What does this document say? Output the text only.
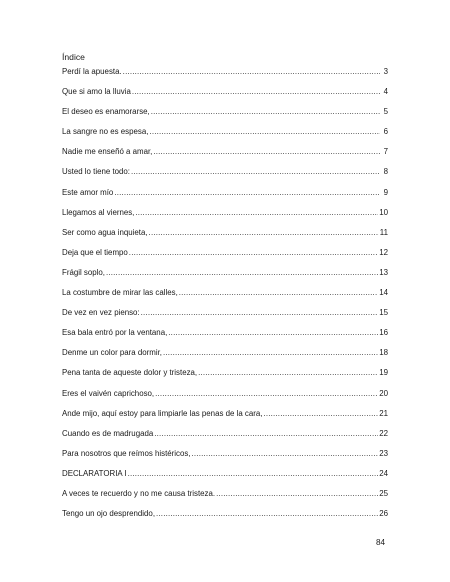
Índice
Perdí la apuesta. .....	3
Que si amo la lluvia .....	4
El deseo es enamorarse, .....	5
La sangre no es espesa, .....	6
Nadie me enseñó a amar, .....	7
Usted lo tiene todo: .....	8
Este amor mío .....	9
Llegamos al viernes, .....	10
Ser como agua inquieta, .....	11
Deja que el tiempo .....	12
Frágil soplo, .....	13
La costumbre de mirar las calles, .....	14
De vez en vez pienso: .....	15
Esa bala entró por la ventana, .....	16
Denme un color para dormir, .....	18
Pena tanta de aqueste dolor y tristeza, .....	19
Eres el vaivén caprichoso, .....	20
Ande mijo, aquí estoy para limpiarle las penas de la cara, .....	21
Cuando es de madrugada .....	22
Para nosotros que reímos histéricos, .....	23
DECLARATORIA I .....	24
A veces te recuerdo y no me causa tristeza. .....	25
Tengo un ojo desprendido, .....	26
84
